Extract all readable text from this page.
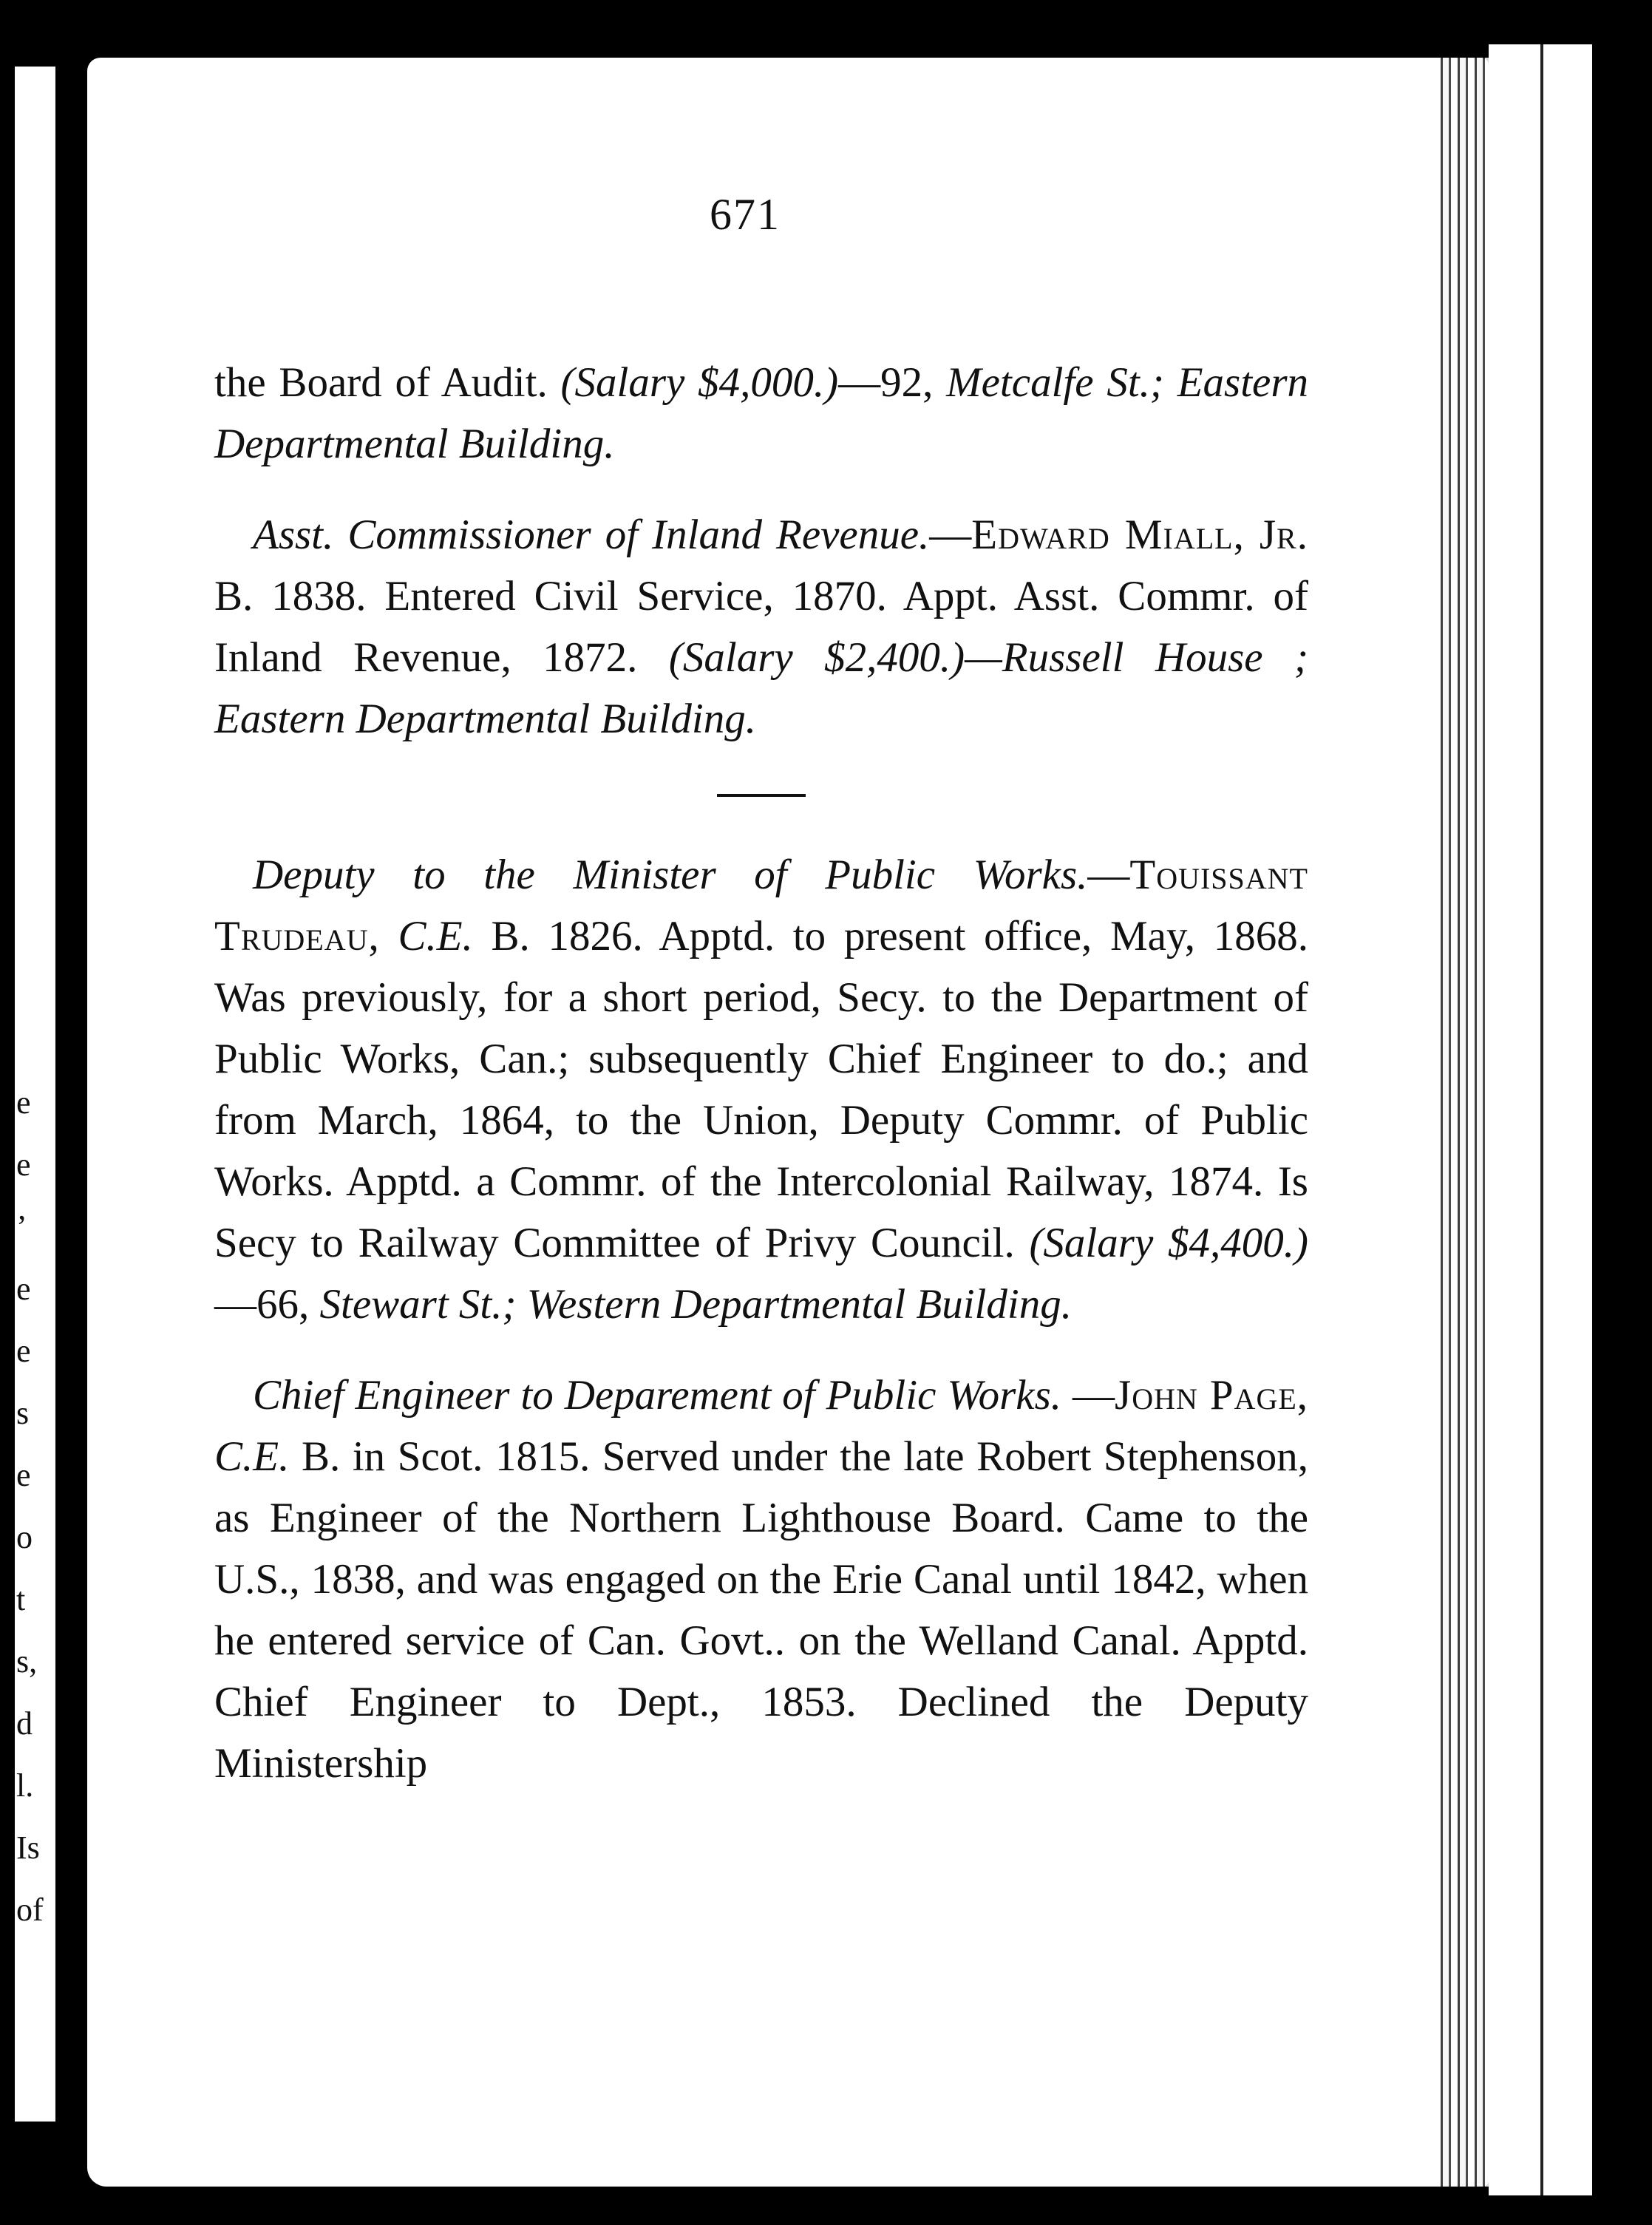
e
e
’
e
e
s
e
o
t
s,
d
l.
Is
of
671

the Board of Audit. (Salary $4,000.)—92, Metcalfe St.; Eastern Departmental Building.

Asst. Commissioner of Inland Revenue.—Edward Miall, Jr. B. 1838. Entered Civil Service, 1870. Appt. Asst. Commr. of Inland Revenue, 1872. (Salary $2,400.)—Russell House ; Eastern Departmental Building.

Deputy to the Minister of Public Works.—Touissant Trudeau, C.E. B. 1826. Apptd. to present office, May, 1868. Was previously, for a short period, Secy. to the Department of Public Works, Can.; subsequently Chief Engineer to do.; and from March, 1864, to the Union, Deputy Commr. of Public Works. Apptd. a Commr. of the Intercolonial Railway, 1874. Is Secy to Railway Committee of Privy Council. (Salary $4,400.) —66, Stewart St.; Western Departmental Building.

Chief Engineer to Deparement of Public Works. —John Page, C.E. B. in Scot. 1815. Served under the late Robert Stephenson, as Engineer of the Northern Lighthouse Board. Came to the U.S., 1838, and was engaged on the Erie Canal until 1842, when he entered service of Can. Govt.. on the Welland Canal. Apptd. Chief Engineer to Dept., 1853. Declined the Deputy Ministership
